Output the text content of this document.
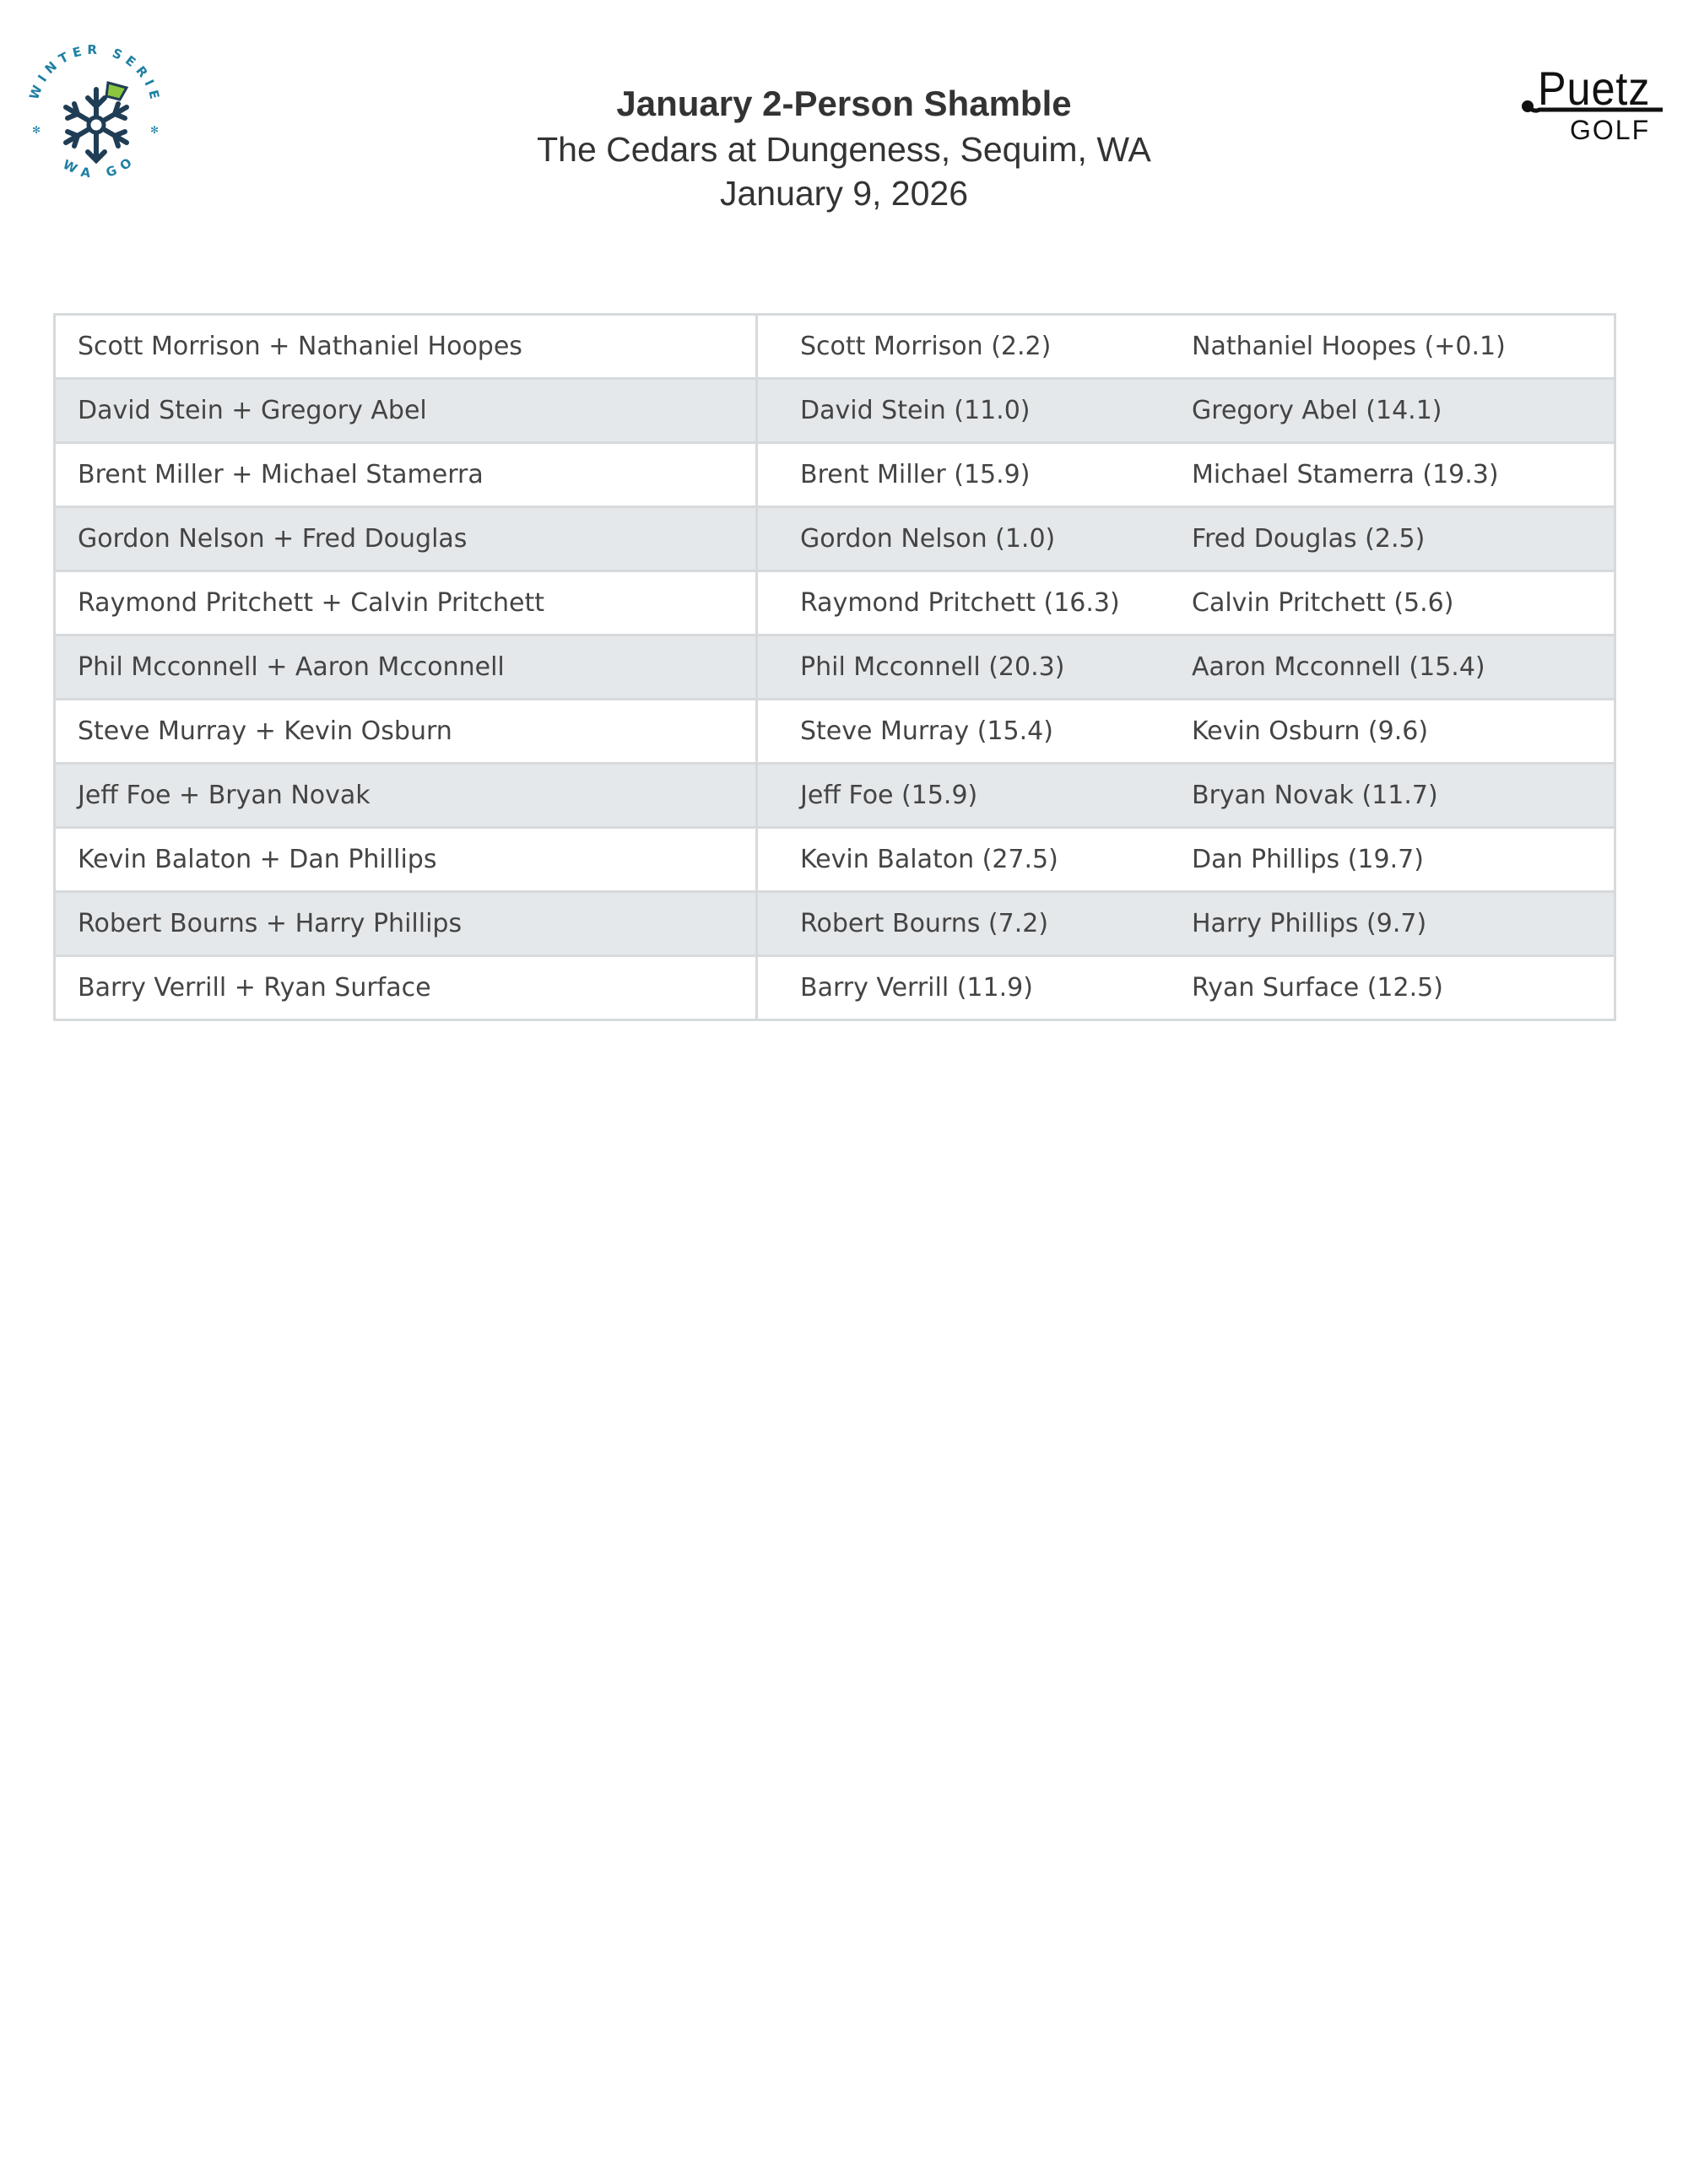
WINTER SERIE
WA GO
✻	✻
Puetz
GOLF
January 2-Person Shamble
The Cedars at Dungeness, Sequim, WA
January 9, 2026
Scott Morrison + Nathaniel Hoopes	Scott Morrison (2.2)	Nathaniel Hoopes (+0.1)
David Stein + Gregory Abel	David Stein (11.0)	Gregory Abel (14.1)
Brent Miller + Michael Stamerra	Brent Miller (15.9)	Michael Stamerra (19.3)
Gordon Nelson + Fred Douglas	Gordon Nelson (1.0)	Fred Douglas (2.5)
Raymond Pritchett + Calvin Pritchett	Raymond Pritchett (16.3)	Calvin Pritchett (5.6)
Phil Mcconnell + Aaron Mcconnell	Phil Mcconnell (20.3)	Aaron Mcconnell (15.4)
Steve Murray + Kevin Osburn	Steve Murray (15.4)	Kevin Osburn (9.6)
Jeff Foe + Bryan Novak	Jeff Foe (15.9)	Bryan Novak (11.7)
Kevin Balaton + Dan Phillips	Kevin Balaton (27.5)	Dan Phillips (19.7)
Robert Bourns + Harry Phillips	Robert Bourns (7.2)	Harry Phillips (9.7)
Barry Verrill + Ryan Surface	Barry Verrill (11.9)	Ryan Surface (12.5)
